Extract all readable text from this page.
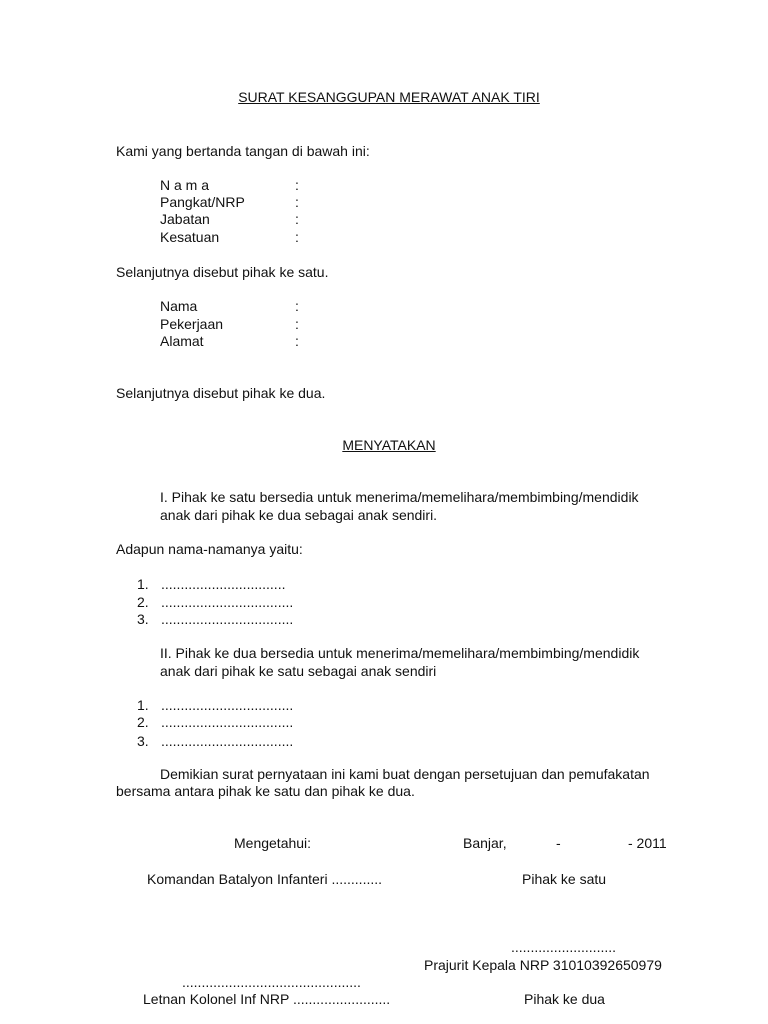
SURAT KESANGGUPAN MERAWAT ANAK TIRI
Kami yang bertanda tangan di bawah ini:
N a m a	:
Pangkat/NRP	:
Jabatan	:
Kesatuan	:
Selanjutnya disebut pihak ke satu.
Nama	:
Pekerjaan	:
Alamat	:
Selanjutnya disebut pihak ke dua.
MENYATAKAN
I. Pihak ke satu bersedia untuk menerima/memelihara/membimbing/mendidik
anak dari pihak ke dua sebagai anak sendiri.
Adapun nama-namanya yaitu:
1. ................................
2. ..................................
3. ..................................
II. Pihak ke dua bersedia untuk menerima/memelihara/membimbing/mendidik
anak dari pihak ke satu sebagai anak sendiri
1. ..................................
2. ..................................
3. ..................................
Demikian surat pernyataan ini kami buat dengan persetujuan dan pemufakatan
bersama antara pihak ke satu dan pihak ke dua.
Mengetahui:	Banjar,	-	- 2011
Komandan Batalyon Infanteri .............	Pihak ke satu
...........................
Prajurit Kepala NRP 31010392650979
..............................................
Letnan Kolonel Inf NRP .........................	Pihak ke dua
